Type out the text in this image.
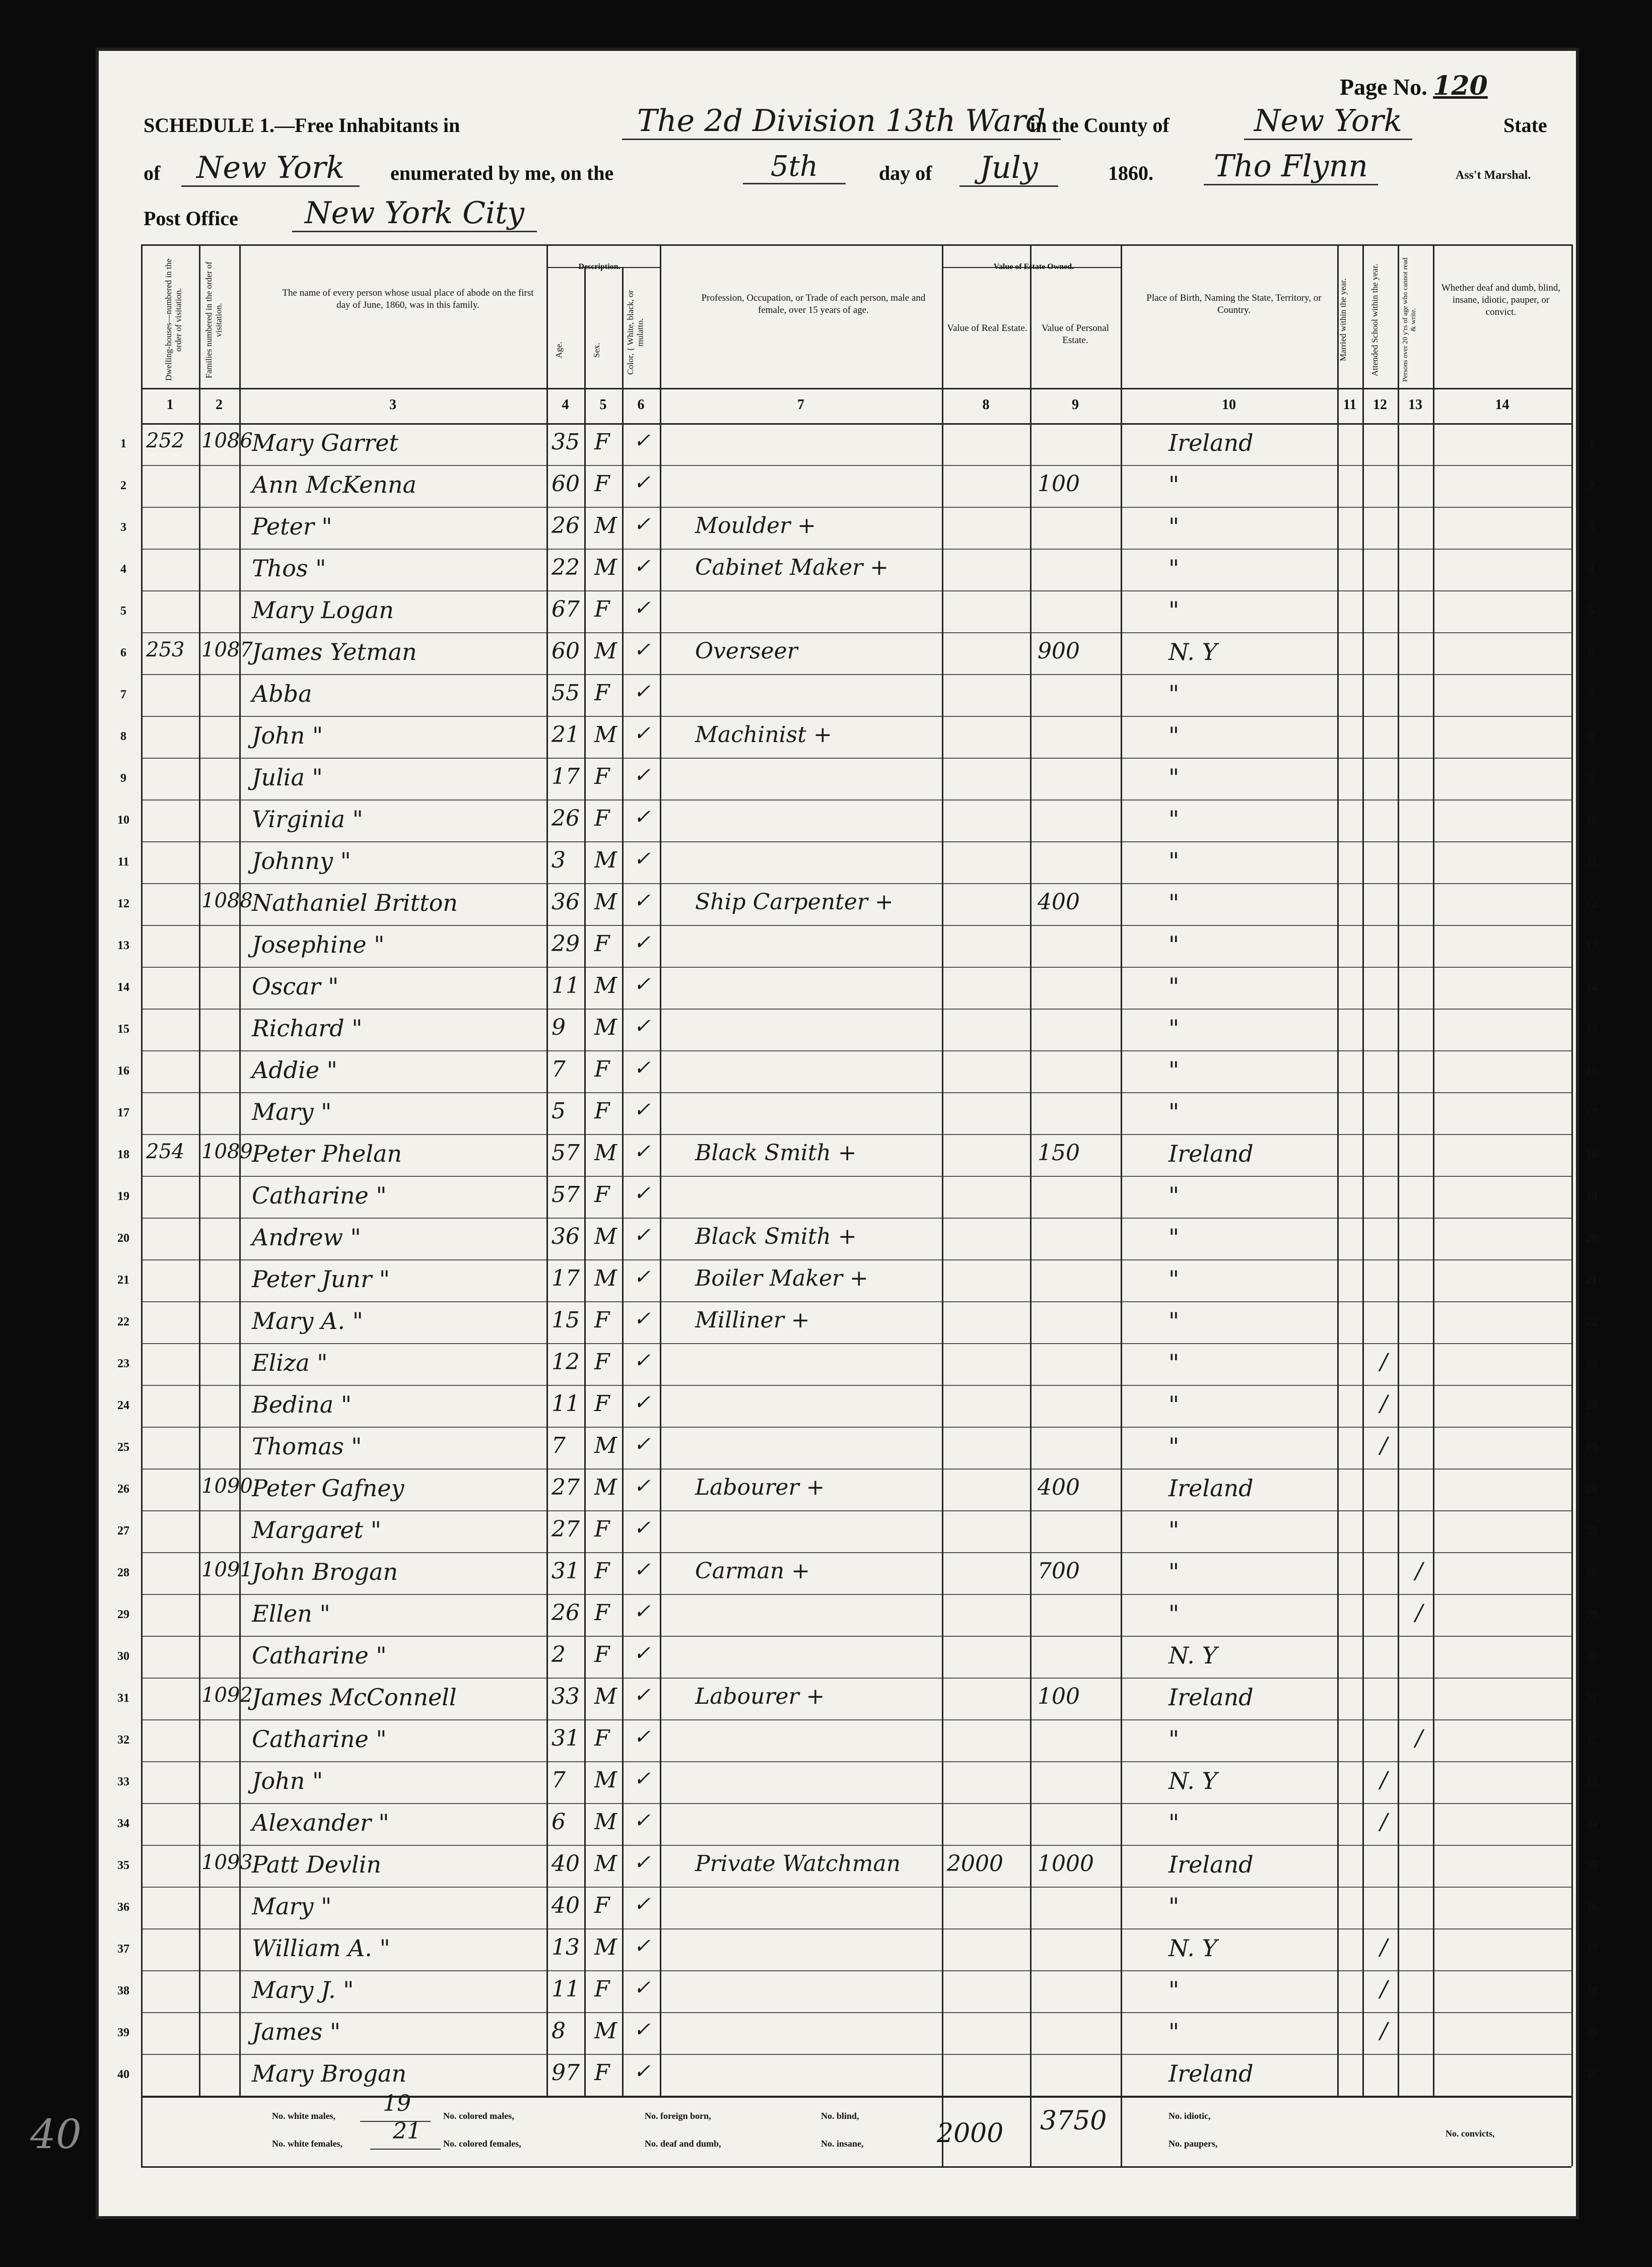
Page No. 120
SCHEDULE 1.—Free Inhabitants in	The 2d Division 13th Ward
in the County of	New York	State
of	New York	enumerated by me, on the	5th	day of	July	1860.	Tho Flynn	Ass't Marshal.
Post Office	New York City
Dwelling-houses—numbered in the order of visitation.	Families numbered in the order of visitation.
The name of every person whose usual place of abode on the first day of June, 1860, was in this family.
Description.
Age.	Sex.	Color, { White, black, or mulatto.
Profession, Occupation, or Trade of each person, male and female, over 15 years of age.
Value of Estate Owned.
Value of Real Estate.	Value of Personal Estate.
Place of Birth, Naming the State, Territory, or Country.	Married within the year.	Attended School within the year.	Persons over 20 y'rs of age who cannot read & write.
Whether deaf and dumb, blind, insane, idiotic, pauper, or convict.
1	2	3	4	5	6	7	8	9	10	11	12	13	14
1	1
252 1086
Mary Garret	35 F ✓	Ireland
2	2
Ann McKenna	60 F ✓	100	"
3	3
Peter "	26 M ✓ Moulder +	"
4	4
Thos "	22 M ✓ Cabinet Maker +	"
5	5
Mary Logan	67 F ✓	"
6	6
253 1087
James Yetman	60 M ✓ Overseer	900	N. Y
7	7
Abba	55 F ✓	"
8	8
John "	21 M ✓ Machinist +	"
9	9
Julia "	17 F ✓	"
10	10
Virginia "	26 F ✓	"
11	11
Johnny "	3 M ✓	"
12	12
1088
Nathaniel Britton	36 M ✓ Ship Carpenter +	400	"
13	13
Josephine "	29 F ✓	"
14	14
Oscar "	11 M ✓	"
15	15
Richard "	9 M ✓	"
16	16
Addie "	7 F ✓	"
17	17
Mary "	5 F ✓	"
18	18
254 1089
Peter Phelan	57 M ✓ Black Smith +	150	Ireland
19	19
Catharine "	57 F ✓	"
20	20
Andrew "	36 M ✓ Black Smith +	"
21	21
Peter Junr "	17 M ✓ Boiler Maker +	"
22	22
Mary A. "	15 F ✓ Milliner +	"
23	23
Eliza "	12 F ✓	"	/
24	24
Bedina "	11 F ✓	"	/
25	25
Thomas "	7 M ✓	"	/
26	26
1090
Peter Gafney	27 M ✓ Labourer +	400	Ireland
27	27
Margaret "	27 F ✓	"
28	28
1091
John Brogan	31 F ✓ Carman +	700	"	/
29	29
Ellen "	26 F ✓	"	/
30	30
Catharine "	2 F ✓	N. Y
31	31
1092
James McConnell	33 M ✓ Labourer +	100	Ireland
32	32
Catharine "	31 F ✓	"	/
33	33
John "	7 M ✓	N. Y	/
34	34
Alexander "	6 M ✓	"	/
35	35
1093
Patt Devlin	40 M ✓ Private Watchman 2000 1000	Ireland
36	36
Mary "	40 F ✓	"
37	37
William A. "	13 M ✓	N. Y	/
38	38
Mary J. "	11 F ✓	"	/
39	39
James "	8 M ✓	"	/
40	40
Mary Brogan	97 F ✓	Ireland
No. white males, 19
No. white females, 21
No. colored males,
No. colored females,
No. foreign born,
No. deaf and dumb,
No. blind,
No. insane,	2000 3750	No. idiotic,
No. paupers,
No. convicts,
40
